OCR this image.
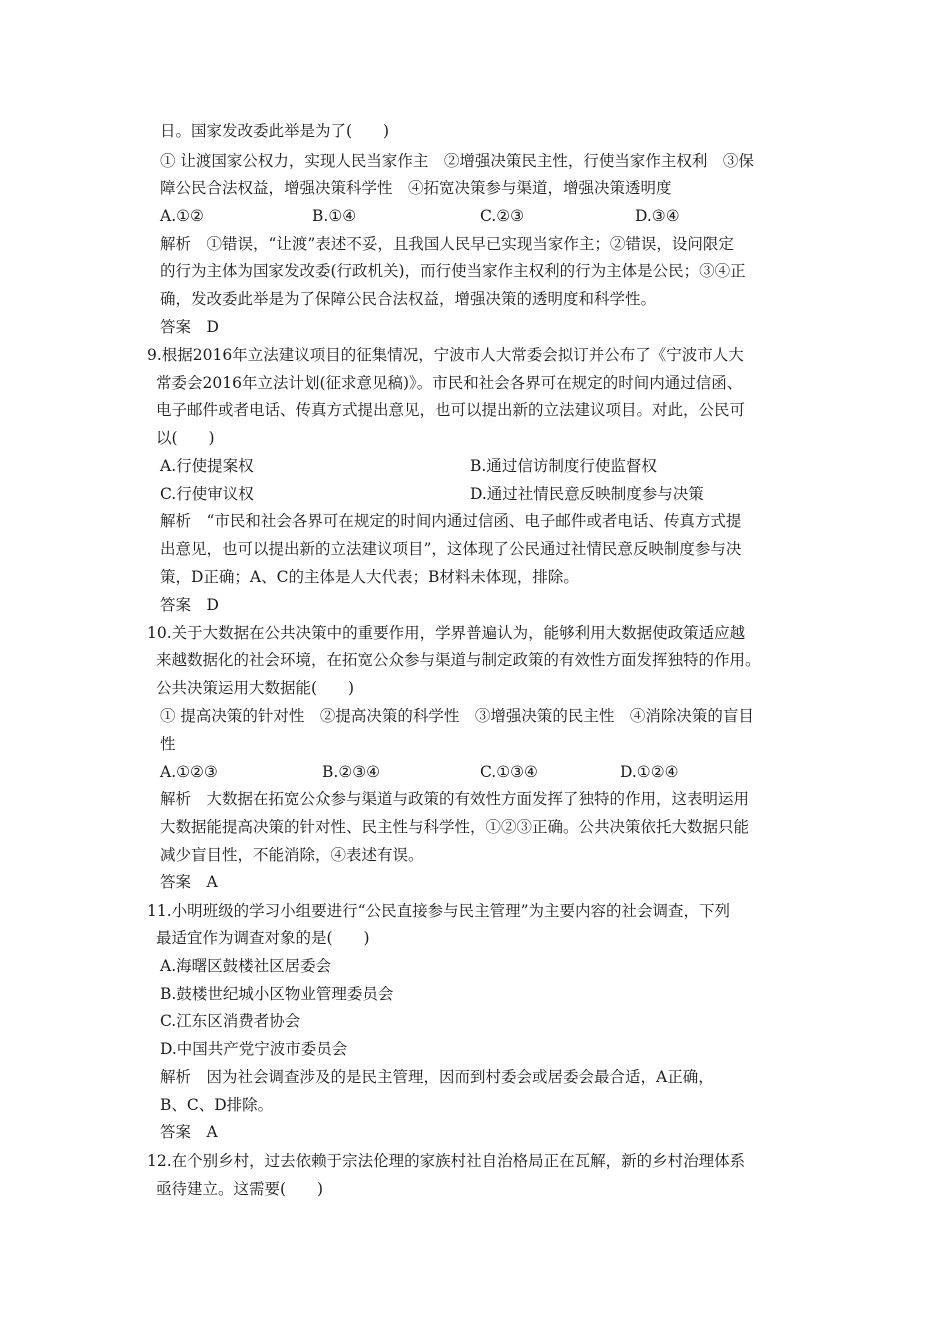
日。国家发改委此举是为了(　　)
① 让渡国家公权力，实现人民当家作主　②增强决策民主性，行使当家作主权利　③保
障公民合法权益，增强决策科学性　④拓宽决策参与渠道，增强决策透明度
A.①②	B.①④	C.②③	D.③④
解析　①错误，“让渡”表述不妥，且我国人民早已实现当家作主；②错误，设问限定
的行为主体为国家发改委(行政机关)，而行使当家作主权利的行为主体是公民；③④正
确，发改委此举是为了保障公民合法权益，增强决策的透明度和科学性。
答案　D
9.根据2016年立法建议项目的征集情况，宁波市人大常委会拟订并公布了《宁波市人大
常委会2016年立法计划(征求意见稿)》。市民和社会各界可在规定的时间内通过信函、
电子邮件或者电话、传真方式提出意见，也可以提出新的立法建议项目。对此，公民可
以(　　)
A.行使提案权	B.通过信访制度行使监督权
C.行使审议权	D.通过社情民意反映制度参与决策
解析　“市民和社会各界可在规定的时间内通过信函、电子邮件或者电话、传真方式提
出意见，也可以提出新的立法建议项目”，这体现了公民通过社情民意反映制度参与决
策，D正确；A、C的主体是人大代表；B材料未体现，排除。
答案　D
10.关于大数据在公共决策中的重要作用，学界普遍认为，能够利用大数据使政策适应越
来越数据化的社会环境，在拓宽公众参与渠道与制定政策的有效性方面发挥独特的作用。
公共决策运用大数据能(　　)
① 提高决策的针对性　②提高决策的科学性　③增强决策的民主性　④消除决策的盲目
性
A.①②③	B.②③④	C.①③④	D.①②④
解析　大数据在拓宽公众参与渠道与政策的有效性方面发挥了独特的作用，这表明运用
大数据能提高决策的针对性、民主性与科学性，①②③正确。公共决策依托大数据只能
减少盲目性，不能消除，④表述有误。
答案　A
11.小明班级的学习小组要进行“公民直接参与民主管理”为主要内容的社会调查，下列
最适宜作为调查对象的是(　　)
A.海曙区鼓楼社区居委会
B.鼓楼世纪城小区物业管理委员会
C.江东区消费者协会
D.中国共产党宁波市委员会
解析　因为社会调查涉及的是民主管理，因而到村委会或居委会最合适，A正确，
B、C、D排除。
答案　A
12.在个别乡村，过去依赖于宗法伦理的家族村社自治格局正在瓦解，新的乡村治理体系
亟待建立。这需要(　　)
